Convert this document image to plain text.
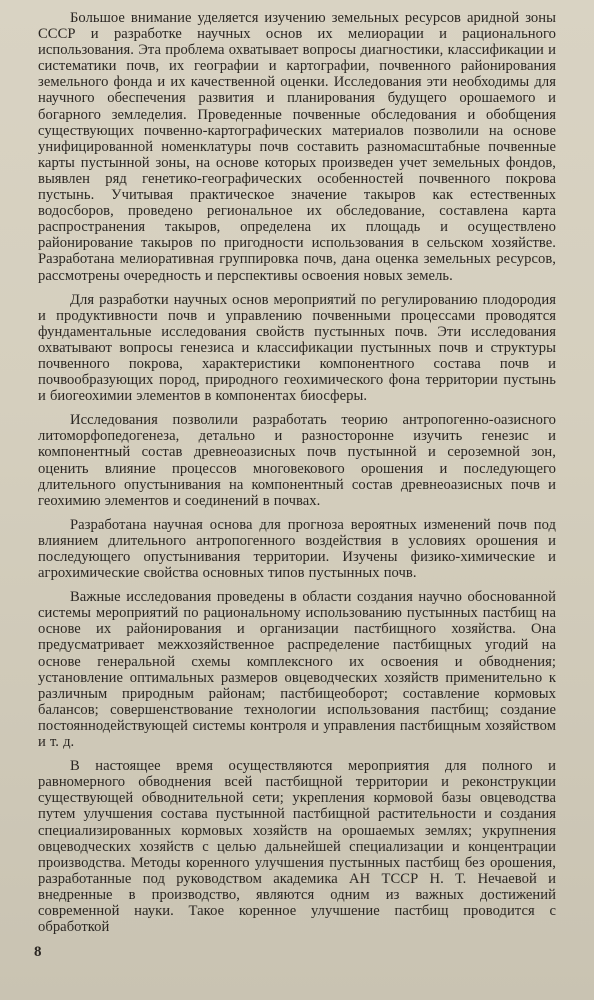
Большое внимание уделяется изучению земельных ресурсов аридной зоны СССР и разработке научных основ их мелиорации и рационального использования. Эта проблема охватывает вопросы диагностики, классификации и систематики почв, их географии и картографии, почвенного районирования земельного фонда и их качественной оценки. Исследования эти необходимы для научного обеспечения развития и планирования будущего орошаемого и богарного земледелия. Проведенные почвенные обследования и обобщения существующих почвенно-картографических материалов позволили на основе унифицированной номенклатуры почв составить разномасштабные почвенные карты пустынной зоны, на основе которых произведен учет земельных фондов, выявлен ряд генетико-географических особенностей почвенного покрова пустынь. Учитывая практическое значение такыров как естественных водосборов, проведено региональное их обследование, составлена карта распространения такыров, определена их площадь и осуществлено районирование такыров по пригодности использования в сельском хозяйстве. Разработана мелиоративная группировка почв, дана оценка земельных ресурсов, рассмотрены очередность и перспективы освоения новых земель.

Для разработки научных основ мероприятий по регулированию плодородия и продуктивности почв и управлению почвенными процессами проводятся фундаментальные исследования свойств пустынных почв. Эти исследования охватывают вопросы генезиса и классификации пустынных почв и структуры почвенного покрова, характеристики компонентного состава почв и почвообразующих пород, природного геохимического фона территории пустынь и биогеохимии элементов в компонентах биосферы.

Исследования позволили разработать теорию антропогенно-оазисного литоморфопедогенеза, детально и разносторонне изучить генезис и компонентный состав древнеоазисных почв пустынной и сероземной зон, оценить влияние процессов многовекового орошения и последующего длительного опустынивания на компонентный состав древнеоазисных почв и геохимию элементов и соединений в почвах.

Разработана научная основа для прогноза вероятных изменений почв под влиянием длительного антропогенного воздействия в условиях орошения и последующего опустынивания территории. Изучены физико-химические и агрохимические свойства основных типов пустынных почв.

Важные исследования проведены в области создания научно обоснованной системы мероприятий по рациональному использованию пустынных пастбищ на основе их районирования и организации пастбищного хозяйства. Она предусматривает межхозяйственное распределение пастбищных угодий на основе генеральной схемы комплексного их освоения и обводнения; установление оптимальных размеров овцеводческих хозяйств применительно к различным природным районам; пастбищеоборот; составление кормовых балансов; совершенствование технологии использования пастбищ; создание постояннодействующей системы контроля и управления пастбищным хозяйством и т. д.

В настоящее время осуществляются мероприятия для полного и равномерного обводнения всей пастбищной территории и реконструкции существующей обводнительной сети; укрепления кормовой базы овцеводства путем улучшения состава пустынной пастбищной растительности и создания специализированных кормовых хозяйств на орошаемых землях; укрупнения овцеводческих хозяйств с целью дальнейшей специализации и концентрации производства. Методы коренного улучшения пустынных пастбищ без орошения, разработанные под руководством академика АН ТССР Н. Т. Нечаевой и внедренные в производство, являются одним из важных достижений современной науки. Такое коренное улучшение пастбищ проводится с обработкой

8
